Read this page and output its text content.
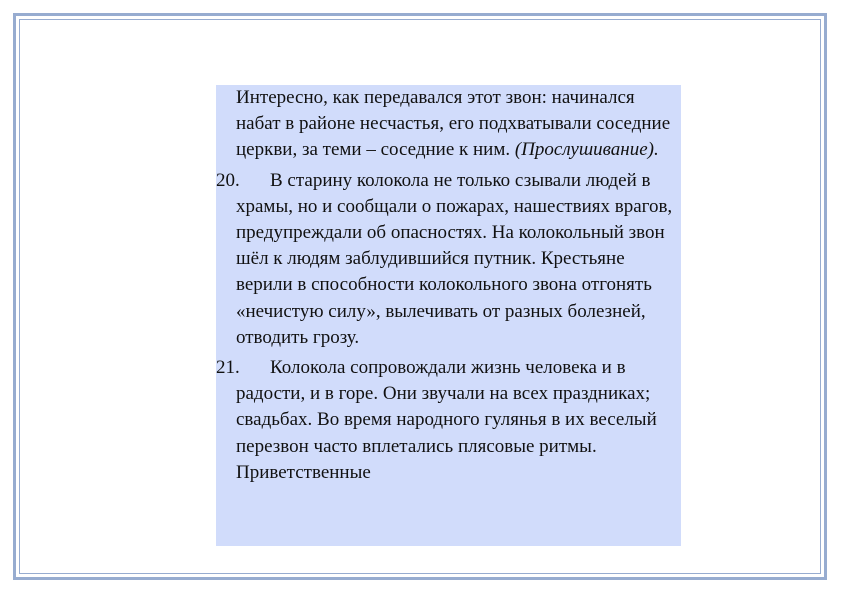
Интересно, как передавался этот звон: начинался набат в районе несчастья, его подхватывали соседние церкви, за теми – соседние к ним. (Прослушивание).
20. В старину колокола не только сзывали людей в храмы, но и сообщали о пожарах, нашествиях врагов, предупреждали об опасностях. На колокольный звон шёл к людям заблудившийся путник. Крестьяне верили в способности колокольного звона отгонять «нечистую силу», вылечивать от разных болезней, отводить грозу.
21. Колокола сопровождали жизнь человека и в радости, и в горе. Они звучали на всех праздниках; свадьбах. Во время народного гулянья в их веселый перезвон часто вплетались плясовые ритмы. Приветственные
